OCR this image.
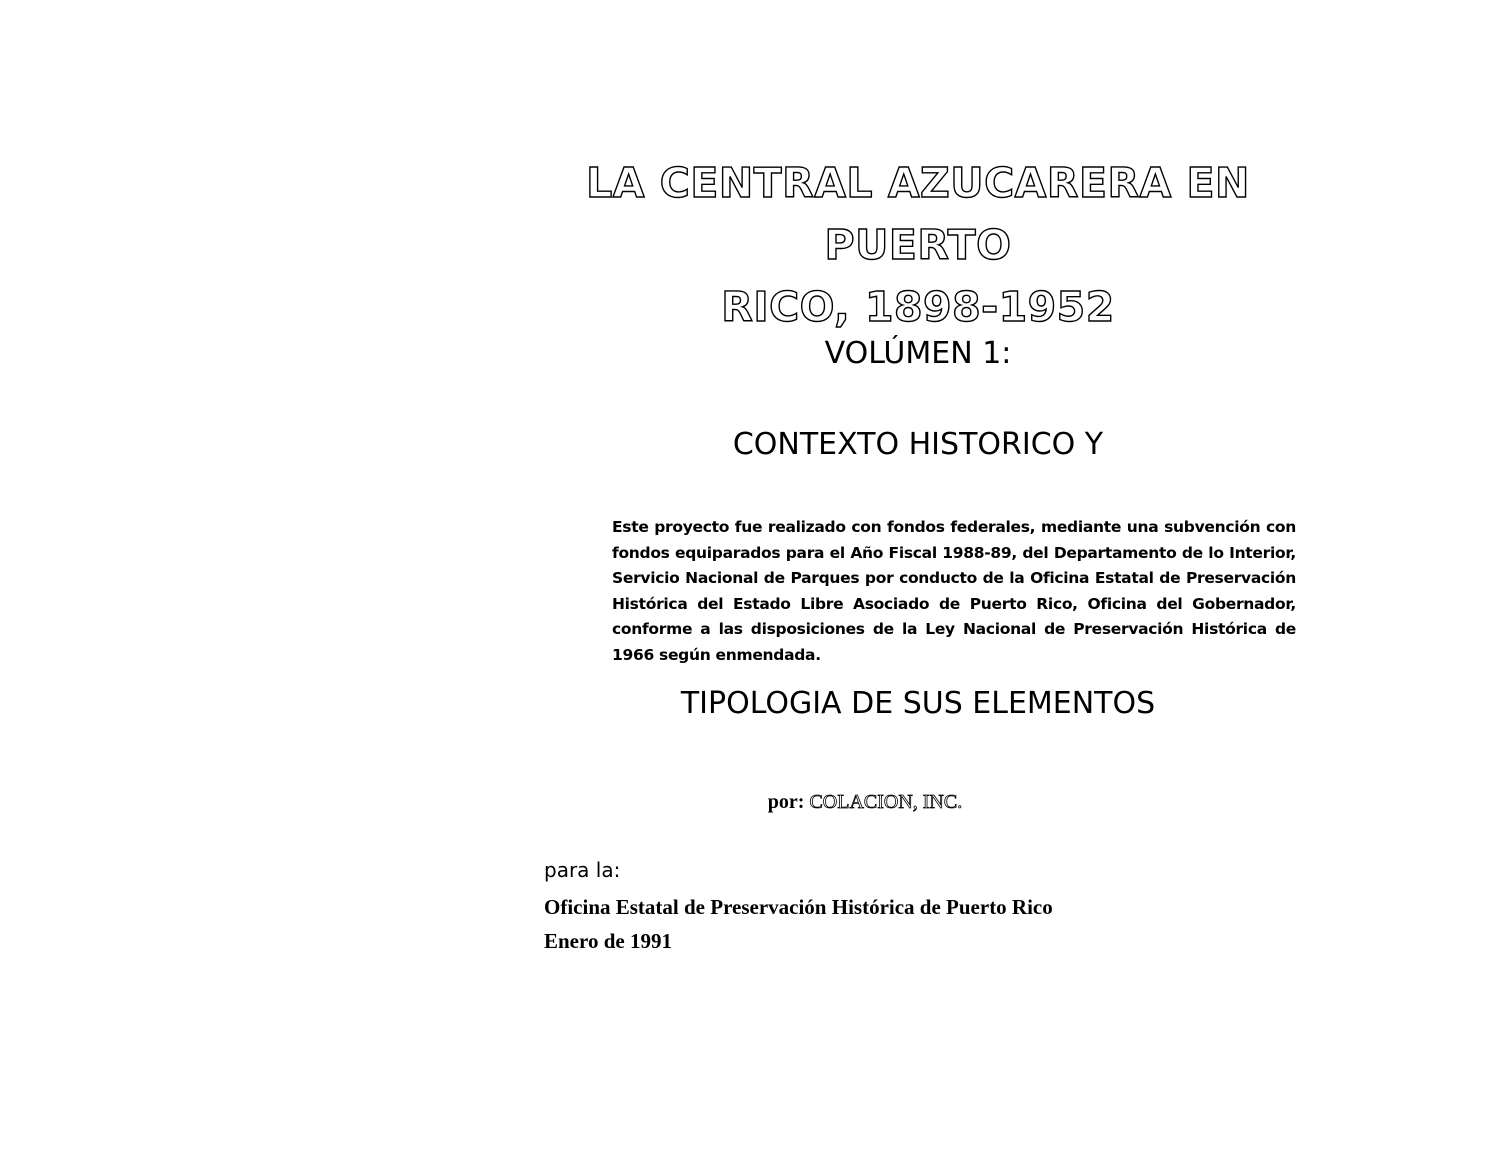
LA CENTRAL AZUCARERA EN PUERTO
RICO, 1898-1952

VOLÚMEN 1:

CONTEXTO HISTORICO Y

Este proyecto fue realizado con fondos federales, mediante una subvención con fondos equiparados para el Año Fiscal 1988-89, del Departamento de lo Interior, Servicio Nacional de Parques por conducto de la Oficina Estatal de Preservación Histórica del Estado Libre Asociado de Puerto Rico, Oficina del Gobernador, conforme a las disposiciones de la Ley Nacional de Preservación Histórica de 1966 según enmendada.

TIPOLOGIA DE SUS ELEMENTOS

por: COLACION, INC.

para la:

Oficina Estatal de Preservación Histórica de Puerto Rico

Enero de 1991
